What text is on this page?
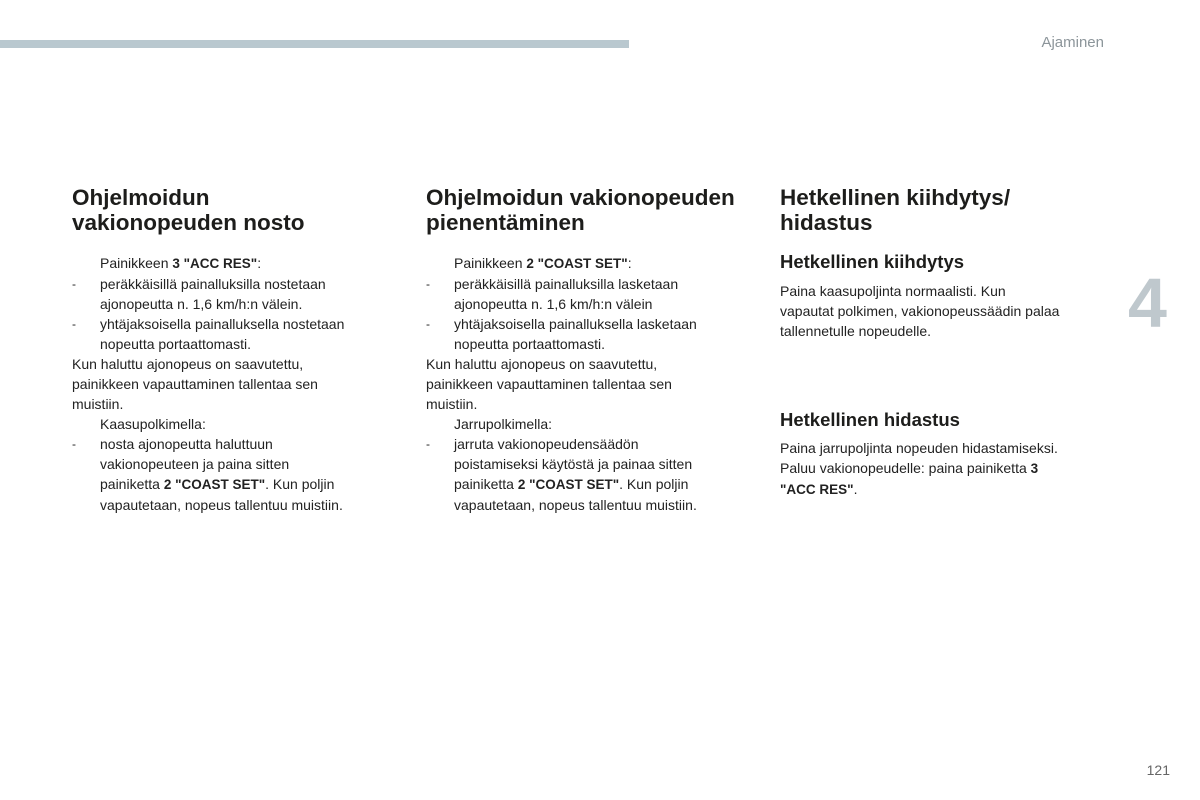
Ajaminen
4
121
Ohjelmoidun
vakionopeuden nosto
Painikkeen 3 "ACC RES":
- peräkkäisillä painalluksilla nostetaan
ajonopeutta n. 1,6 km/h:n välein.
- yhtäjaksoisella painalluksella nostetaan
nopeutta portaattomasti.

Kun haluttu ajonopeus on saavutettu,
painikkeen vapauttaminen tallentaa sen
muistiin.

Kaasupolkimella:
- nosta ajonopeutta haluttuun
vakionopeuteen ja paina sitten
painiketta 2 "COAST SET". Kun poljin
vapautetaan, nopeus tallentuu muistiin.
Ohjelmoidun vakionopeuden
pienentäminen
Painikkeen 2 "COAST SET":
- peräkkäisillä painalluksilla lasketaan
ajonopeutta n. 1,6 km/h:n välein
- yhtäjaksoisella painalluksella lasketaan
nopeutta portaattomasti.

Kun haluttu ajonopeus on saavutettu,
painikkeen vapauttaminen tallentaa sen
muistiin.

Jarrupolkimella:
- jarruta vakionopeudensäädön
poistamiseksi käytöstä ja painaa sitten
painiketta 2 "COAST SET". Kun poljin
vapautetaan, nopeus tallentuu muistiin.
Hetkellinen kiihdytys/
hidastus
Hetkellinen kiihdytys

Paina kaasupoljinta normaalisti. Kun
vapautat polkimen, vakionopeussäädin palaa
tallennetulle nopeudelle.

Hetkellinen hidastus

Paina jarrupoljinta nopeuden hidastamiseksi.
Paluu vakionopeudelle: paina painiketta 3
"ACC RES".
